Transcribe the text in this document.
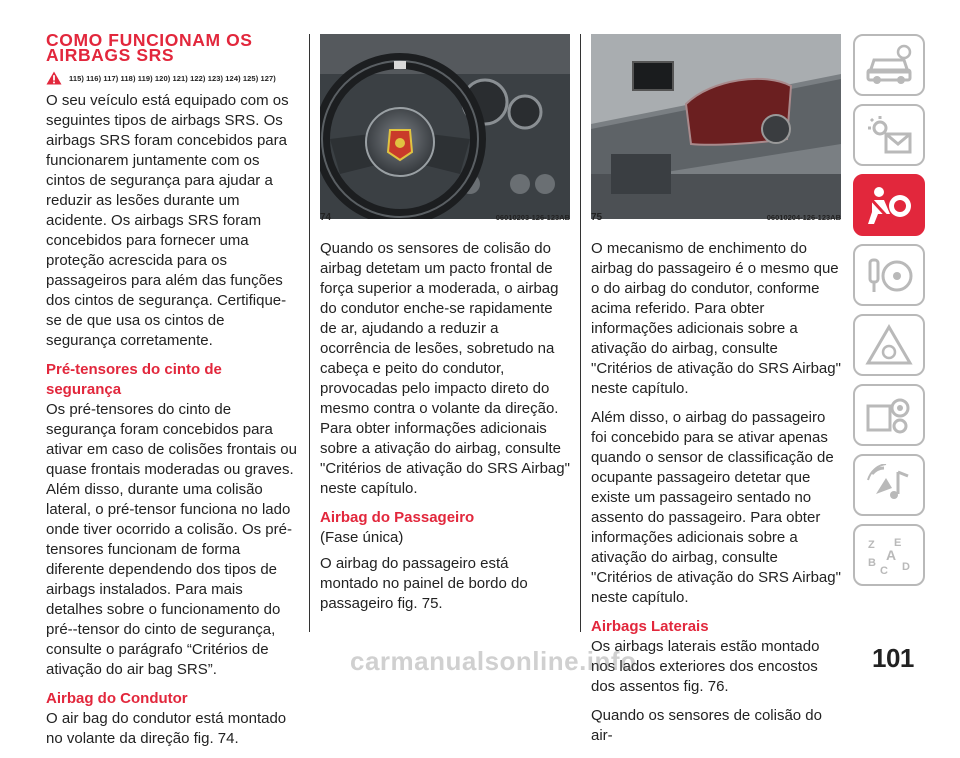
COMO FUNCIONAM OS AIRBAGS SRS
115) 116) 117) 118) 119) 120) 121) 122) 123) 124) 125) 127)

O seu veículo está equipado com os seguintes tipos de airbags SRS. Os airbags SRS foram concebidos para funcionarem juntamente com os cintos de segurança para ajudar a reduzir as lesões durante um acidente. Os airbags SRS foram concebidos para fornecer uma proteção acrescida para os passageiros para além das funções dos cintos de segurança. Certifique-se de que usa os cintos de segurança corretamente.

Pré-tensores do cinto de segurança

Os pré-tensores do cinto de segurança foram concebidos para ativar em caso de colisões frontais ou quase frontais moderadas ou graves. Além disso, durante uma colisão lateral, o pré-tensor funciona no lado onde tiver ocorrido a colisão. Os pré-tensores funcionam de forma diferente dependendo dos tipos de airbags instalados. Para mais detalhes sobre o funcionamento do pré--tensor do cinto de segurança, consulte o parágrafo “Critérios de ativação do air bag SRS”.

Airbag do Condutor

O air bag do condutor está montado no volante da direção fig. 74.

74	06010203-126-123AB 75	06010204-126-123AB

Quando os sensores de colisão do airbag detetam um pacto frontal de força superior a moderada, o airbag do condutor enche-se rapidamente de ar, ajudando a reduzir a ocorrência de lesões, sobretudo na cabeça e peito do condutor, provocadas pelo impacto direto do mesmo contra o volante da direção. Para obter informações adicionais sobre a ativação do airbag, consulte "Critérios de ativação do SRS Airbag" neste capítulo.

Airbag do Passageiro

(Fase única)

O airbag do passageiro está montado no painel de bordo do passageiro fig. 75.

O mecanismo de enchimento do airbag do passageiro é o mesmo que o do airbag do condutor, conforme acima referido. Para obter informações adicionais sobre a ativação do airbag, consulte "Critérios de ativação do SRS Airbag" neste capítulo.

Além disso, o airbag do passageiro foi concebido para se ativar apenas quando o sensor de classificação de ocupante passageiro detetar que existe um passageiro sentado no assento do passageiro. Para obter informações adicionais sobre a ativação do airbag, consulte "Critérios de ativação do SRS Airbag" neste capítulo.

Airbags Laterais

Os airbags laterais estão montado nos lados exteriores dos encostos dos assentos fig. 76.

Quando os sensores de colisão do air-

Z E
A
B
C D
carmanualsonline.info	101
